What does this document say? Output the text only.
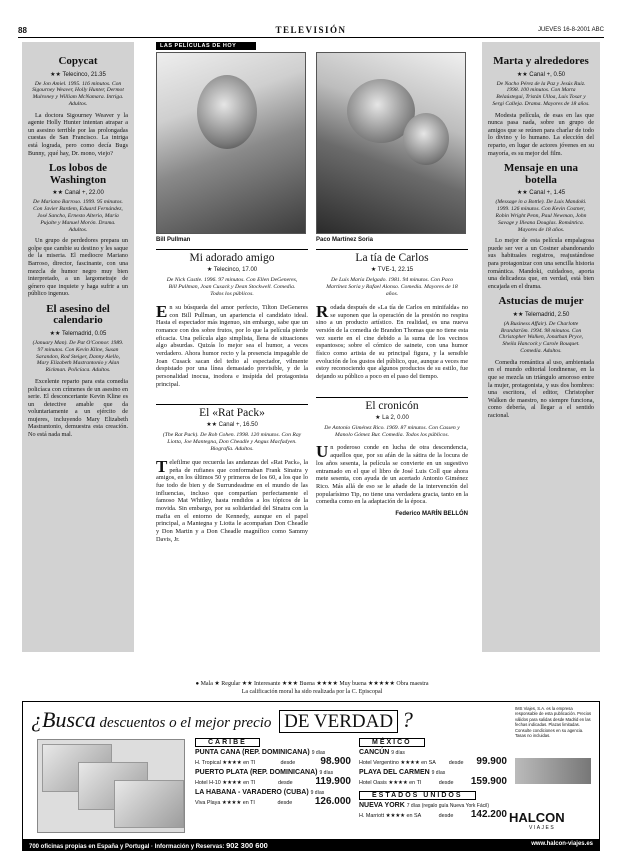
88	TELEVISIÓN	JUEVES 16-8-2001 ABC
Copycat
★★ Telecinco, 21.35
De Jon Amiel. 1995. 116 minutos. Con Sigourney Weaver, Holly Hunter, Dermot Mulroney y William McNamara. Intriga. Adultos.
La doctora Sigourney Weaver y la agente Holly Hunter intentan atrapar a un asesino terrible por las prolongadas cuestas de San Francisco. La intriga está lograda, pero como decía Bugs Bunny, ¡qué hay, Dr. mono, viejo?
Los lobos de Washington
★★ Canal +, 22.00
De Mariano Barroso. 1999. 95 minutos. Con Javier Bardem, Eduard Fernández, José Sancho, Ernesto Alterio, María Pujalte y Manuel Morón. Drama. Adultos.
Un grupo de perdedores prepara un golpe que cambie su destino y les saque de la miseria. El mediocre Mariano Barroso, director, fascinante, con una mezcla de humor negro muy bien interpretado, a un largometraje de género que inquiete y haga sufrir a un público ingenuo.
El asesino del calendario
★★ Telemadrid, 0.05
(January Man). De Pat O'Connor. 1989. 97 minutos. Con Kevin Kline, Susan Sarandon, Rod Steiger, Danny Aiello, Mary Elizabeth Mastrantonio y Alan Rickman. Policíaca. Adultos.
Excelente reparto para esta comedia policíaca con crímenes de un asesino en serie. El desconcertante Kevin Kline es un detective amable que da voluntariamente a un ejército de mujeres, incluyendo Mary Elizabeth Mastrantonio, demuestra esta creación. No está nada mal.
LAS PELÍCULAS DE HOY
Bill Pullman
Mi adorado amigo
★ Telecinco, 17.00
De Nick Castle. 1996. 97 minutos. Con Ellen DeGeneres, Bill Pullman, Joan Cusack y Dean Stockwell. Comedia. Todos los públicos.
En su búsqueda del amor perfecto, Tilton DeGeneres con Bill Pullman, un apariencia el candidato ideal. Hasta el espectador más ingenuo, sin embargo, sabe que un romance con dos sobre frutos, por lo que la película pierde eficacia. Una película algo simplista, llena de situaciones algo absurdas. Quizás lo mejor sea el humor, a veces verdadero. Ahora humor recto y la presencia impagable de Joan Cusack sacan del tedio al espectador, vilmente despistado por una línea demasiado previsible, y de la personalidad inocua, inodora e insípida del protagonista principal.
El «Rat Pack»
★★ Canal +, 16.50
(The Rat Pack). De Rob Cohen. 1998. 120 minutos. Con Ray Liotta, Joe Mantegna, Don Cheadle y Angus Macfadyen. Biografía. Adultos.
Telefilme que recuerda las andanzas del «Rat Pack», la peña de rufianes que conformaban Frank Sinatra y amigos, en los últimos 50 y primeros de los 60, a los que lo fue todo de bien y de Surrundeadme en el mundo de las influencias, incluso que compartían perfectamente el famoso Mat Whitley, hasta rendidos a los tópicos de la movida. Sin embargo, por su solidaridad del Sinatra con la mafia en el entorno de Kennedy, aunque en el papel principal, a Mantegna y Liotta le acompañan Don Cheadle y Don Martin y a Don Cheadle magnífico como Sammy Davis, Jr.
Paco Martínez Soria
La tía de Carlos
★ TVE-1, 22.15
De Luis María Delgado. 1981. 94 minutos. Con Paco Martínez Soria y Rafael Alonso. Comedia. Mayores de 18 años.
Rodada después de «La tía de Carlos en minifalda» no se suponen que la operación de la presión no respira sino a un producto artístico. En realidad, es una nueva versión de la comedia de Brandon Thomas que no tiene esta vez suerte en el cine debido a la suma de los vecinos espantosos; sobre el cómico de sainete, con una humor físico como artista de su principal figura, y la sensible evolución de los gustos del público, que, aunque a veces me estoy reconociendo que algunos productos de su estilo, fue dejando su público a poco en el paso del tiempo.
El cronicón
★ La 2, 0.00
De Antonio Giménez Rico. 1969. 87 minutos. Con Cassen y Manolo Gómez Bur. Comedia. Todos los públicos.
Un poderoso conde en lucha de otra descendencia, aquellos que, por su afán de la sátira de la locura de los años sesenta, la película se convierte en un sugestivo entramado en el que el libro de José Luis Coll que ahora mete sesenta, con ayuda de un acertado Antonio Giménez Rico. Más allá de eso se le añade de la intervención del popularísimo Tip, no tiene una verdadera gracia, tanto en la comedia como en la adaptación de la época.
Federico MARÍN BELLÓN
Marta y alrededores
★★ Canal +, 0.50
De Nacho Pérez de la Paz y Jesús Ruiz. 1998. 100 minutos. Con Marta Belaústegui, Tristán Ulloa, Luis Tosar y Sergi Calleja. Drama. Mayores de 18 años.
Modesta película, de esas en las que nunca pasa nada, sobre un grupo de amigos que se reúnen para charlar de todo lo divino y lo humano. La elección del reparto, en lugar de actores jóvenes en su mayoría, es su mejor del film.
Mensaje en una botella
★★ Canal +, 1.45
(Message in a Bottle). De Luis Mandoki. 1999. 126 minutos. Con Kevin Costner, Robin Wright Penn, Paul Newman, John Savage y Illeana Douglas. Romántica. Mayores de 18 años.
Lo mejor de esta película empalagosa puede ser ver a un Costner abandonando sus habituales registros, reajustándose para protagonizar con una sencilla historia romántica. Mandoki, cuidadoso, aporta una delicadeza que, en verdad, está bien encajada en el drama.
Astucias de mujer
★★ Telemadrid, 2.50
(A Business Affair). De Charlotte Brandström. 1994. 98 minutos. Con Christopher Walken, Jonathan Pryce, Sheila Hancock y Carole Bouquet. Comedia. Adultos.
Comedia romántica al uso, ambientada en el mundo editorial londinense, en la que se mezcla un triángulo amoroso entre la mujer, protagonista, y sus dos hombres: una escritora, el editor, Christopher Walken de maestro, no siempre funciona, como debería, al llegar a el sentido racional.
● Mala ★ Regular ★★ Interesante ★★★ Buena ★★★★ Muy buena ★★★★★ Obra maestra
La calificación moral ha sido realizada por la C. Episcopal
¿Busca descuentos o el mejor precio DE VERDAD ?	IMS Viajes, S.A. es la empresa responsable de esta publicación. Precios válidos para salidas desde Madrid en las fechas indicadas. Plazas limitadas. Consulte condiciones en su agencia. Tasas no incluidas.
CARIBE
PUNTA CANA (REP. DOMINICANA) 9 días
H. Tropical ★★★★ en TI	desde	98.900
PUERTO PLATA (REP. DOMINICANA) 9 días
Hotel H-10 ★★★★ en TI	desde 119.900
LA HABANA - VARADERO (CUBA) 9 días
Viva Playa ★★★★ en TI	desde 126.000
MÉXICO
CANCÚN 9 días
Hotel Vergentino ★★★★ en SA desde 99.900
PLAYA DEL CARMEN 9 días
Hotel Oasis ★★★★ en TI	desde 159.900
ESTADOS UNIDOS
NUEVA YORK 7 días (regalo guía Nueva York Fácil)
H. Marriott ★★★★ en SA	desde 142.200 HALCON
VIAJES
700 oficinas propias en España y Portugal · Información y Reservas: 902 300 600	www.halcon-viajes.es
